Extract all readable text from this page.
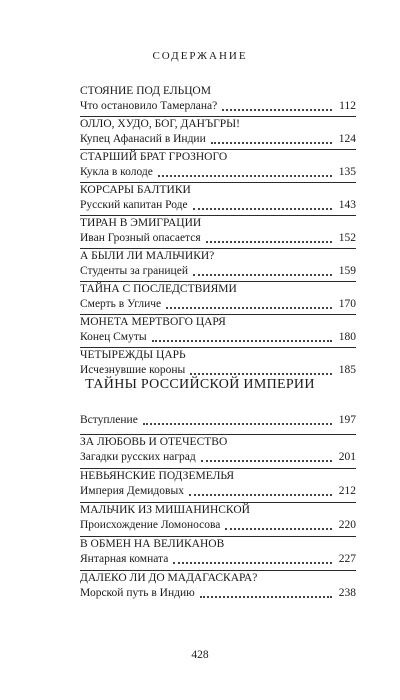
СОДЕРЖАНИЕ
СТОЯНИЕ ПОД ЕЛЬЦОМ
Что остановило Тамерлана?	112
ОЛЛО, ХУДО, БОГ, ДАНЪГРЫ!
Купец Афанасий в Индии	124
СТАРШИЙ БРАТ ГРОЗНОГО
Кукла в колоде	135
КОРСАРЫ БАЛТИКИ
Русский капитан Роде	143
ТИРАН В ЭМИГРАЦИИ
Иван Грозный опасается	152
А БЫЛИ ЛИ МАЛЬЧИКИ?
Студенты за границей	159
ТАЙНА С ПОСЛЕДСТВИЯМИ
Смерть в Угличе	170
МОНЕТА МЕРТВОГО ЦАРЯ
Конец Смуты	180
ЧЕТЫРЕЖДЫ ЦАРЬ
Исчезнувшие короны	185
ТАЙНЫ РОССИЙСКОЙ ИМПЕРИИ
Вступление	197
ЗА ЛЮБОВЬ И ОТЕЧЕСТВО
Загадки русских наград	201
НЕВЬЯНСКИЕ ПОДЗЕМЕЛЬЯ
Империя Демидовых	212
МАЛЬЧИК ИЗ МИШАНИНСКОЙ
Происхождение Ломоносова	220
В ОБМЕН НА ВЕЛИКАНОВ
Янтарная комната	227
ДАЛЕКО ЛИ ДО МАДАГАСКАРА?
Морской путь в Индию	238
428
